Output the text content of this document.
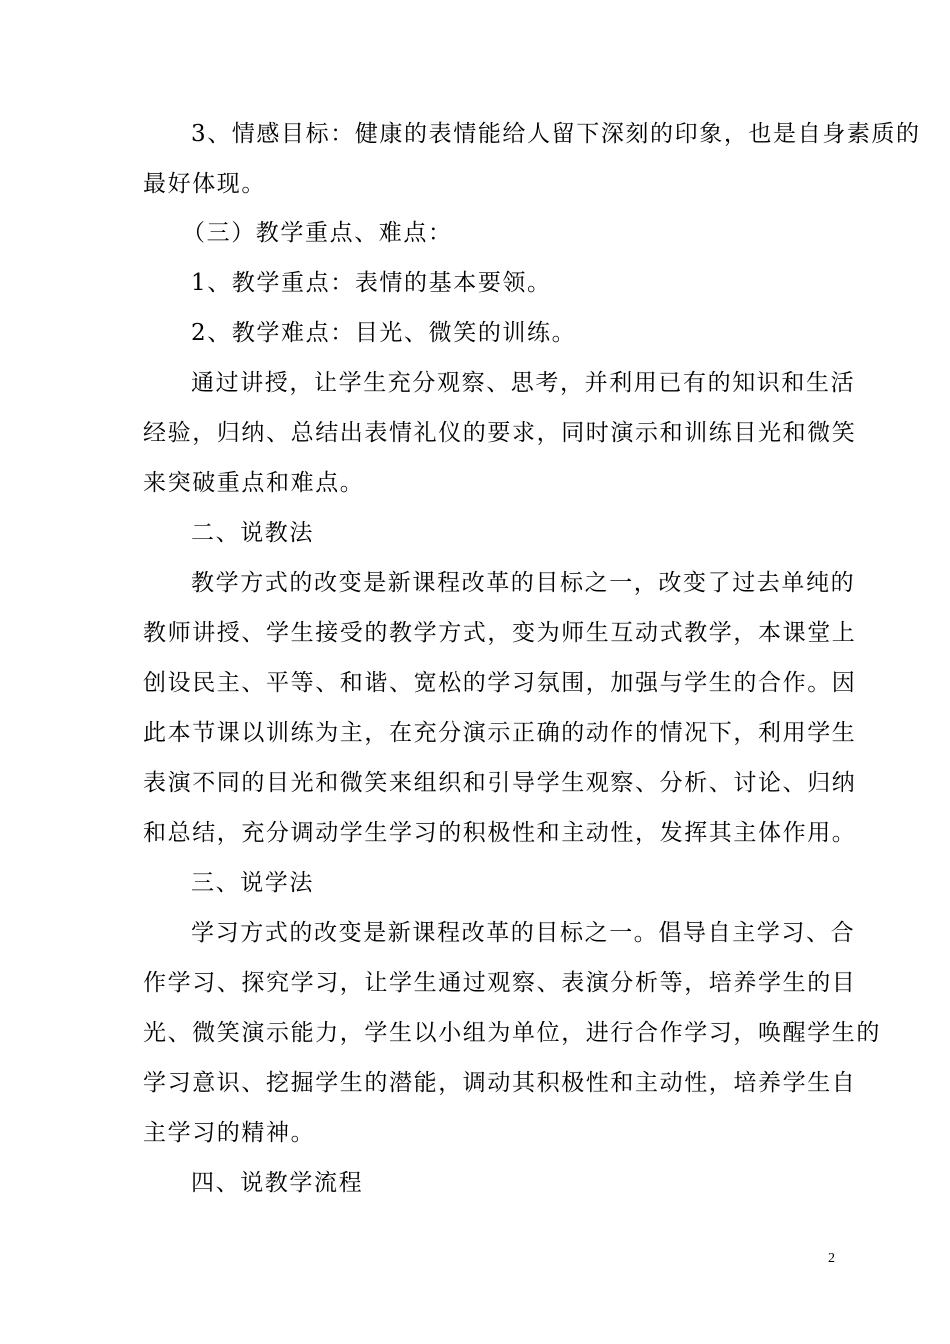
3、情感目标：健康的表情能给人留下深刻的印象，也是自身素质的
最好体现。
（三）教学重点、难点：
1、教学重点：表情的基本要领。
2、教学难点：目光、微笑的训练。
通过讲授，让学生充分观察、思考，并利用已有的知识和生活
经验，归纳、总结出表情礼仪的要求，同时演示和训练目光和微笑
来突破重点和难点。
二、说教法
教学方式的改变是新课程改革的目标之一，改变了过去单纯的
教师讲授、学生接受的教学方式，变为师生互动式教学，本课堂上
创设民主、平等、和谐、宽松的学习氛围，加强与学生的合作。因
此本节课以训练为主，在充分演示正确的动作的情况下，利用学生
表演不同的目光和微笑来组织和引导学生观察、分析、讨论、归纳
和总结，充分调动学生学习的积极性和主动性，发挥其主体作用。
三、说学法
学习方式的改变是新课程改革的目标之一。倡导自主学习、合
作学习、探究学习，让学生通过观察、表演分析等，培养学生的目
光、微笑演示能力，学生以小组为单位，进行合作学习，唤醒学生的
学习意识、挖掘学生的潜能，调动其积极性和主动性，培养学生自
主学习的精神。
四、说教学流程
2
